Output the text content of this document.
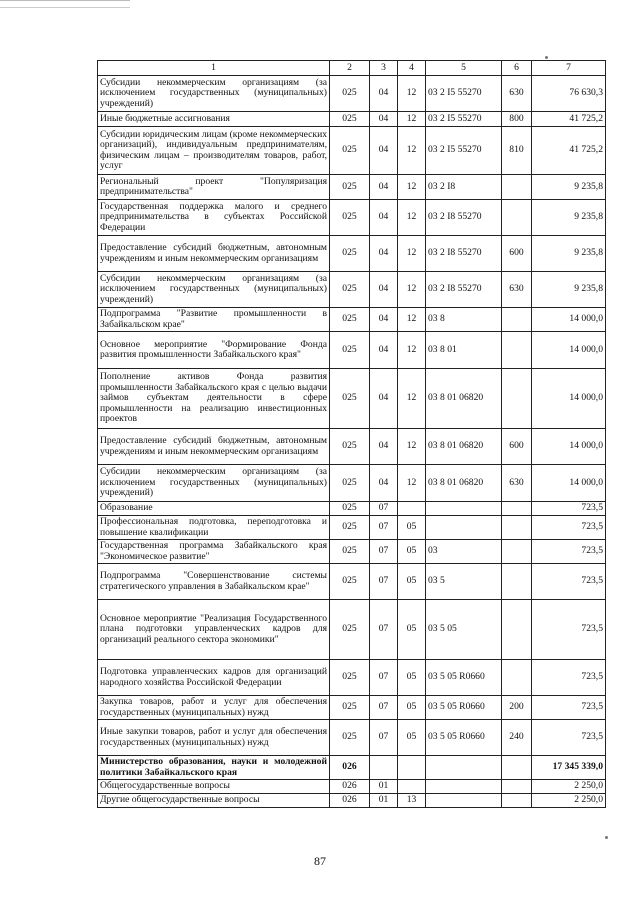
1	2	3	4	5	6	7
Субсидии некоммерческим организациям (за исключением государственных (муниципальных) учреждений)	025	04	12	03 2 I5 55270	630	76 630,3
Иные бюджетные ассигнования	025	04	12	03 2 I5 55270	800	41 725,2
Субсидии юридическим лицам (кроме некоммерческих организаций), индивидуальным предпринимателям, физическим лицам – производителям товаров, работ, услуг	025	04	12	03 2 I5 55270	810	41 725,2
Региональный проект "Популяризация предпринимательства"	025	04	12	03 2 I8		9 235,8
Государственная поддержка малого и среднего предпринимательства в субъектах Российской Федерации	025	04	12	03 2 I8 55270		9 235,8
Предоставление субсидий бюджетным, автономным учреждениям и иным некоммерческим организациям	025	04	12	03 2 I8 55270	600	9 235,8
Субсидии некоммерческим организациям (за исключением государственных (муниципальных) учреждений)	025	04	12	03 2 I8 55270	630	9 235,8
Подпрограмма "Развитие промышленности в Забайкальском крае"	025	04	12	03 8		14 000,0
Основное мероприятие "Формирование Фонда развития промышленности Забайкальского края"	025	04	12	03 8 01		14 000,0
Пополнение активов Фонда развития промышленности Забайкальского края с целью выдачи займов субъектам деятельности в сфере промышленности на реализацию инвестиционных проектов	025	04	12	03 8 01 06820		14 000,0
Предоставление субсидий бюджетным, автономным учреждениям и иным некоммерческим организациям	025	04	12	03 8 01 06820	600	14 000,0
Субсидии некоммерческим организациям (за исключением государственных (муниципальных) учреждений)	025	04	12	03 8 01 06820	630	14 000,0
Образование	025	07				723,5
Профессиональная подготовка, переподготовка и повышение квалификации	025	07	05			723,5
Государственная программа Забайкальского края "Экономическое развитие"	025	07	05	03		723,5
Подпрограмма "Совершенствование системы стратегического управления в Забайкальском крае"	025	07	05	03 5		723,5
Основное мероприятие "Реализация Государственного плана подготовки управленческих кадров для организаций реального сектора экономики"	025	07	05	03 5 05		723,5
Подготовка управленческих кадров для организаций народного хозяйства Российской Федерации	025	07	05	03 5 05 R0660		723,5
Закупка товаров, работ и услуг для обеспечения государственных (муниципальных) нужд	025	07	05	03 5 05 R0660	200	723,5
Иные закупки товаров, работ и услуг для обеспечения государственных (муниципальных) нужд	025	07	05	03 5 05 R0660	240	723,5
Министерство образования, науки и молодежной политики Забайкальского края	026					17 345 339,0
Общегосударственные вопросы	026	01				2 250,0
Другие общегосударственные вопросы	026	01	13			2 250,0
87
